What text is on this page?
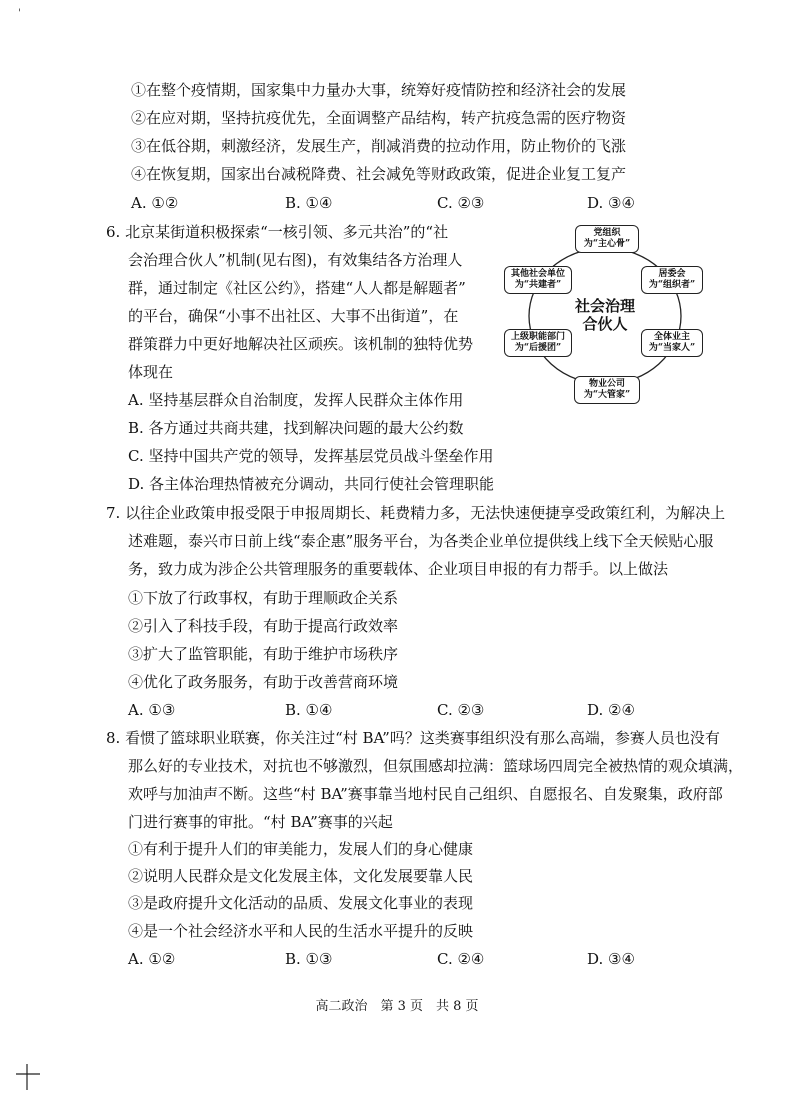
'
①在整个疫情期，国家集中力量办大事，统筹好疫情防控和经济社会的发展
②在应对期，坚持抗疫优先，全面调整产品结构，转产抗疫急需的医疗物资
③在低谷期，刺激经济，发展生产，削减消费的拉动作用，防止物价的飞涨
④在恢复期，国家出台减税降费、社会减免等财政政策，促进企业复工复产
A. ①②	B. ①④	C. ②③	D. ③④
6. 北京某街道积极探索“一核引领、多元共治”的“社
会治理合伙人”机制(见右图)，有效集结各方治理人
群，通过制定《社区公约》，搭建“人人都是解题者”
的平台，确保“小事不出社区、大事不出街道”，在
群策群力中更好地解决社区顽疾。该机制的独特优势
体现在
A. 坚持基层群众自治制度，发挥人民群众主体作用
B. 各方通过共商共建，找到解决问题的最大公约数
C. 坚持中国共产党的领导，发挥基层党员战斗堡垒作用
D. 各主体治理热情被充分调动，共同行使社会管理职能
社会治理
合伙人
党组织
为“主心骨”
居委会
为“组织者”
全体业主
为“当家人”
物业公司
为“大管家”
上级职能部门
为“后援团”
其他社会单位
为“共建者”
7. 以往企业政策申报受限于申报周期长、耗费精力多，无法快速便捷享受政策红利，为解决上
述难题，泰兴市日前上线“泰企惠”服务平台，为各类企业单位提供线上线下全天候贴心服
务，致力成为涉企公共管理服务的重要载体、企业项目申报的有力帮手。以上做法
①下放了行政事权，有助于理顺政企关系
②引入了科技手段，有助于提高行政效率
③扩大了监管职能，有助于维护市场秩序
④优化了政务服务，有助于改善营商环境
A. ①③	B. ①④	C. ②③	D. ②④
8. 看惯了篮球职业联赛，你关注过“村 BA”吗？这类赛事组织没有那么高端，参赛人员也没有
那么好的专业技术，对抗也不够激烈，但氛围感却拉满：篮球场四周完全被热情的观众填满，
欢呼与加油声不断。这些“村 BA”赛事靠当地村民自己组织、自愿报名、自发聚集，政府部
门进行赛事的审批。“村 BA”赛事的兴起
①有利于提升人们的审美能力，发展人们的身心健康
②说明人民群众是文化发展主体，文化发展要靠人民
③是政府提升文化活动的品质、发展文化事业的表现
④是一个社会经济水平和人民的生活水平提升的反映
A. ①②	B. ①③	C. ②④	D. ③④
高二政治　第 3 页　共 8 页
